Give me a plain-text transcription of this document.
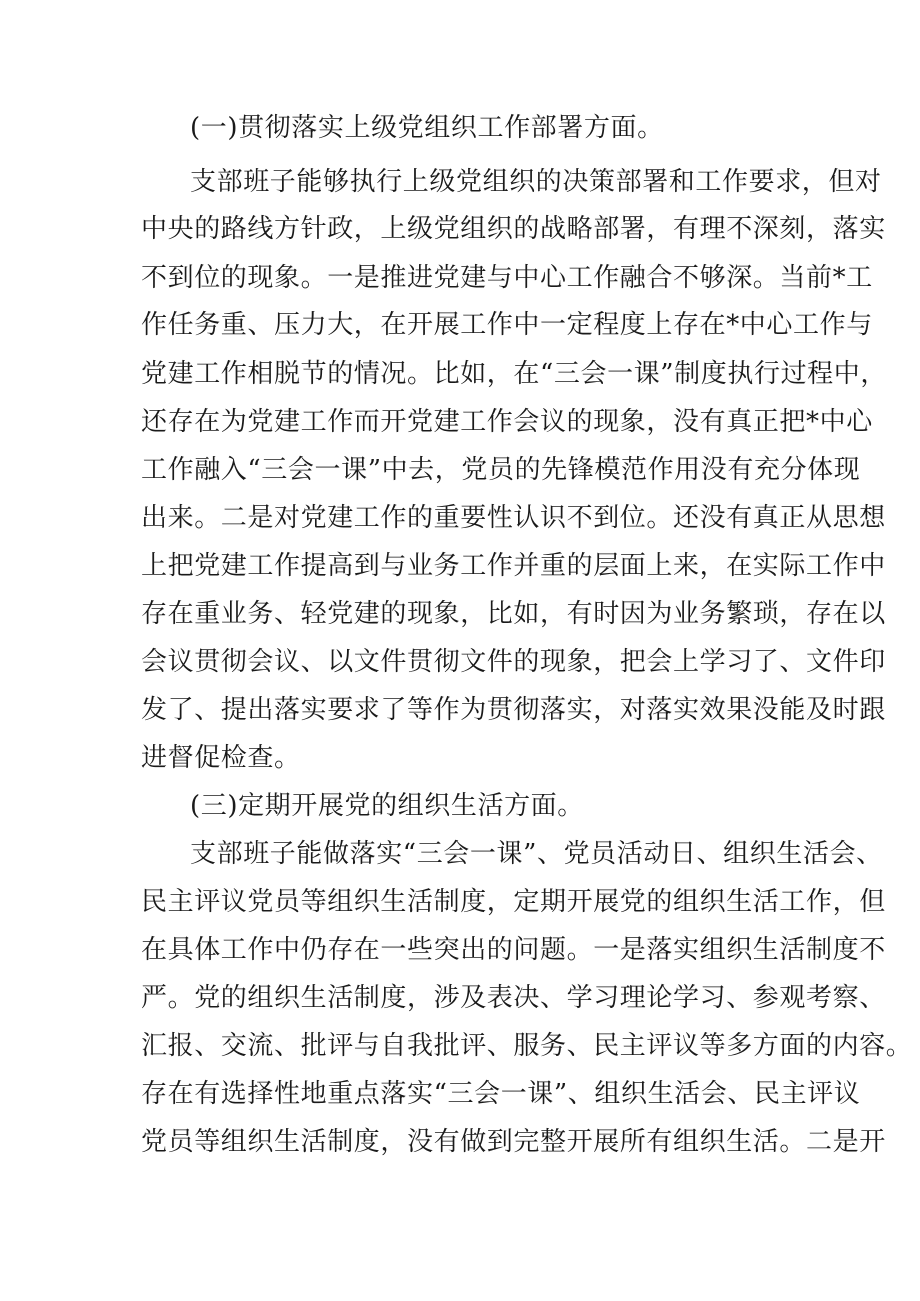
(一)贯彻落实上级党组织工作部署方面。
支部班子能够执行上级党组织的决策部署和工作要求，但对
中央的路线方针政，上级党组织的战略部署，有理不深刻，落实
不到位的现象。一是推进党建与中心工作融合不够深。当前*工
作任务重、压力大，在开展工作中一定程度上存在*中心工作与
党建工作相脱节的情况。比如，在“三会一课”制度执行过程中，
还存在为党建工作而开党建工作会议的现象，没有真正把*中心
工作融入“三会一课”中去，党员的先锋模范作用没有充分体现
出来。二是对党建工作的重要性认识不到位。还没有真正从思想
上把党建工作提高到与业务工作并重的层面上来，在实际工作中
存在重业务、轻党建的现象，比如，有时因为业务繁琐，存在以
会议贯彻会议、以文件贯彻文件的现象，把会上学习了、文件印
发了、提出落实要求了等作为贯彻落实，对落实效果没能及时跟
进督促检查。
(三)定期开展党的组织生活方面。
支部班子能做落实“三会一课”、党员活动日、组织生活会、
民主评议党员等组织生活制度，定期开展党的组织生活工作，但
在具体工作中仍存在一些突出的问题。一是落实组织生活制度不
严。党的组织生活制度，涉及表决、学习理论学习、参观考察、
汇报、交流、批评与自我批评、服务、民主评议等多方面的内容。
存在有选择性地重点落实“三会一课”、组织生活会、民主评议
党员等组织生活制度，没有做到完整开展所有组织生活。二是开
